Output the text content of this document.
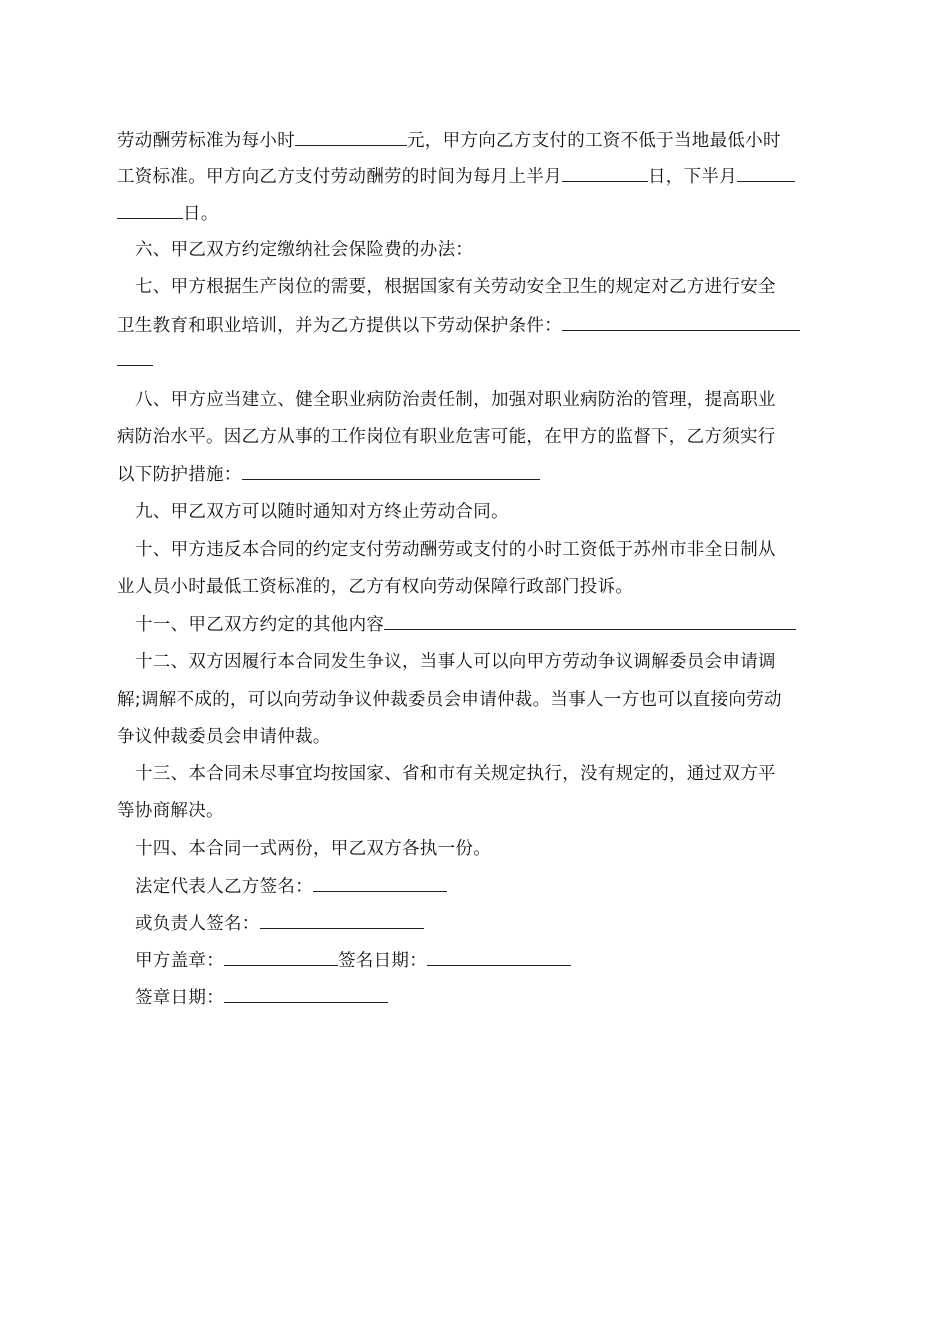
劳动酬劳标准为每小时	元，甲方向乙方支付的工资不低于当地最低小时
工资标准。甲方向乙方支付劳动酬劳的时间为每月上半月	日，下半月
日。
六、甲乙双方约定缴纳社会保险费的办法：
七、甲方根据生产岗位的需要，根据国家有关劳动安全卫生的规定对乙方进行安全
卫生教育和职业培训，并为乙方提供以下劳动保护条件：
八、甲方应当建立、健全职业病防治责任制，加强对职业病防治的管理，提高职业
病防治水平。因乙方从事的工作岗位有职业危害可能，在甲方的监督下，乙方须实行
以下防护措施：
九、甲乙双方可以随时通知对方终止劳动合同。
十、甲方违反本合同的约定支付劳动酬劳或支付的小时工资低于苏州市非全日制从
业人员小时最低工资标准的，乙方有权向劳动保障行政部门投诉。
十一、甲乙双方约定的其他内容
十二、双方因履行本合同发生争议，当事人可以向甲方劳动争议调解委员会申请调
解;调解不成的，可以向劳动争议仲裁委员会申请仲裁。当事人一方也可以直接向劳动
争议仲裁委员会申请仲裁。
十三、本合同未尽事宜均按国家、省和市有关规定执行，没有规定的，通过双方平
等协商解决。
十四、本合同一式两份，甲乙双方各执一份。
法定代表人乙方签名：
或负责人签名：
甲方盖章：	签名日期：
签章日期：
